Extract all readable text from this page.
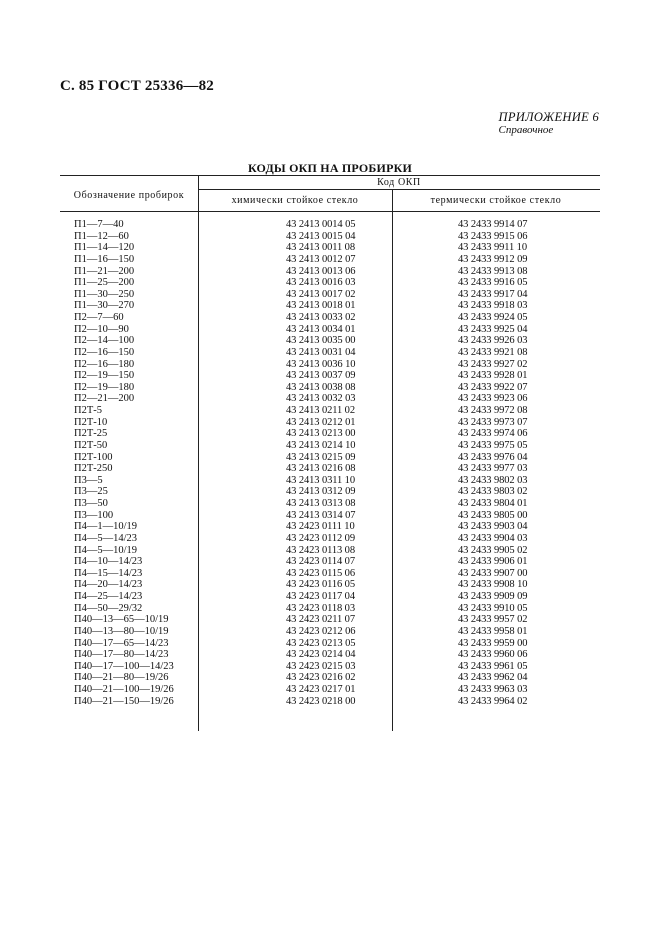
С. 85 ГОСТ 25336—82
ПРИЛОЖЕНИЕ 6
Справочное
КОДЫ ОКП НА ПРОБИРКИ
Обозначение пробирок
Код ОКП
химически стойкое стекло	термически стойкое стекло
П1—7—40	43 2413 0014 05	43 2433 9914 07
П1—12—60	43 2413 0015 04	43 2433 9915 06
П1—14—120	43 2413 0011 08	43 2433 9911 10
П1—16—150	43 2413 0012 07	43 2433 9912 09
П1—21—200	43 2413 0013 06	43 2433 9913 08
П1—25—200	43 2413 0016 03	43 2433 9916 05
П1—30—250	43 2413 0017 02	43 2433 9917 04
П1—30—270	43 2413 0018 01	43 2433 9918 03
П2—7—60	43 2413 0033 02	43 2433 9924 05
П2—10—90	43 2413 0034 01	43 2433 9925 04
П2—14—100	43 2413 0035 00	43 2433 9926 03
П2—16—150	43 2413 0031 04	43 2433 9921 08
П2—16—180	43 2413 0036 10	43 2433 9927 02
П2—19—150	43 2413 0037 09	43 2433 9928 01
П2—19—180	43 2413 0038 08	43 2433 9922 07
П2—21—200	43 2413 0032 03	43 2433 9923 06
П2Т-5	43 2413 0211 02	43 2433 9972 08
П2Т-10	43 2413 0212 01	43 2433 9973 07
П2Т-25	43 2413 0213 00	43 2433 9974 06
П2Т-50	43 2413 0214 10	43 2433 9975 05
П2Т-100	43 2413 0215 09	43 2433 9976 04
П2Т-250	43 2413 0216 08	43 2433 9977 03
П3—5	43 2413 0311 10	43 2433 9802 03
П3—25	43 2413 0312 09	43 2433 9803 02
П3—50	43 2413 0313 08	43 2433 9804 01
П3—100	43 2413 0314 07	43 2433 9805 00
П4—1—10/19	43 2423 0111 10	43 2433 9903 04
П4—5—14/23	43 2423 0112 09	43 2433 9904 03
П4—5—10/19	43 2423 0113 08	43 2433 9905 02
П4—10—14/23	43 2423 0114 07	43 2433 9906 01
П4—15—14/23	43 2423 0115 06	43 2433 9907 00
П4—20—14/23	43 2423 0116 05	43 2433 9908 10
П4—25—14/23	43 2423 0117 04	43 2433 9909 09
П4—50—29/32	43 2423 0118 03	43 2433 9910 05
П40—13—65—10/19	43 2423 0211 07	43 2433 9957 02
П40—13—80—10/19	43 2423 0212 06	43 2433 9958 01
П40—17—65—14/23	43 2423 0213 05	43 2433 9959 00
П40—17—80—14/23	43 2423 0214 04	43 2433 9960 06
П40—17—100—14/23	43 2423 0215 03	43 2433 9961 05
П40—21—80—19/26	43 2423 0216 02	43 2433 9962 04
П40—21—100—19/26	43 2423 0217 01	43 2433 9963 03
П40—21—150—19/26	43 2423 0218 00	43 2433 9964 02
